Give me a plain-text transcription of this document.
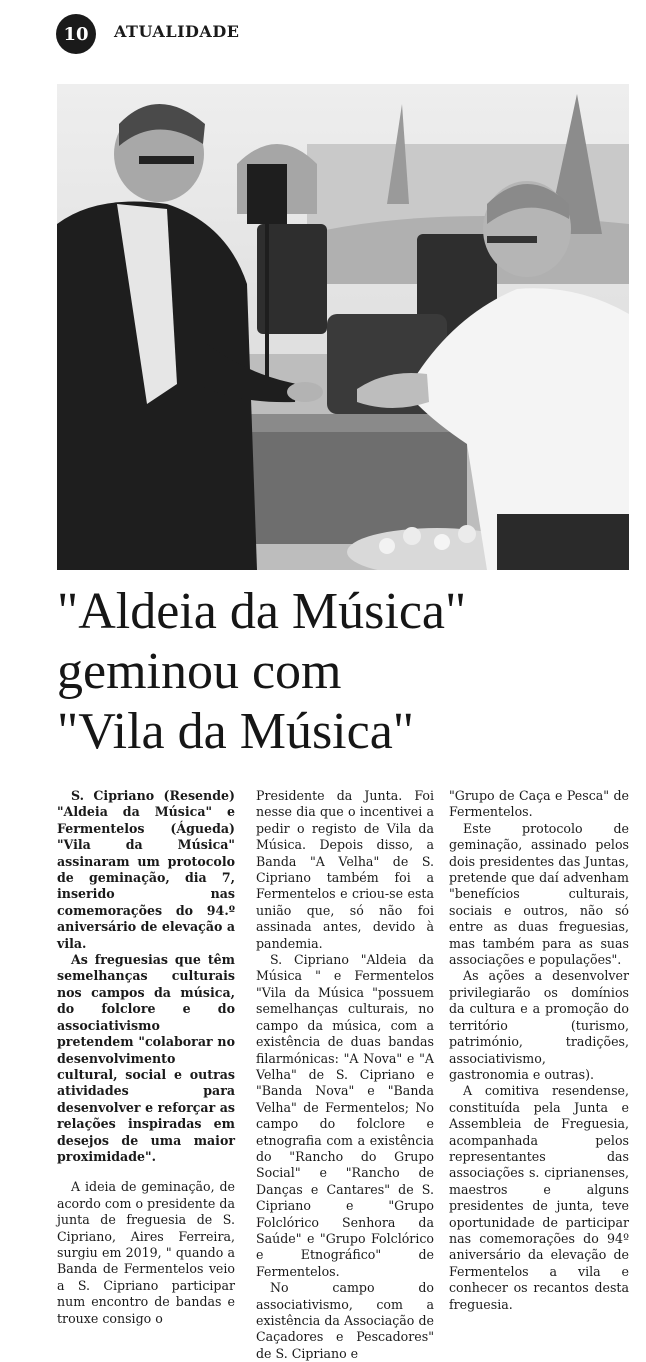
10	ATUALIDADE
"Aldeia da Música"
geminou com
"Vila da Música"

S. Cipriano (Resende) "Aldeia da Música" e Fermentelos (Águeda) "Vila da Música" assinaram um protocolo de geminação, dia 7, inserido nas comemorações do 94.º aniversário de elevação a vila.

As freguesias que têm semelhanças culturais nos campos da música, do folclore e do associativismo pretendem "colaborar no desenvolvimento cultural, social e outras atividades para desenvolver e reforçar as relações inspiradas em desejos de uma maior proximidade".

A ideia de geminação, de acordo com o presidente da junta de freguesia de S. Cipriano, Aires Ferreira, surgiu em 2019, " quando a Banda de Fermentelos veio a S. Cipriano participar num encontro de bandas e trouxe consigo o

Presidente da Junta. Foi nesse dia que o incentivei a pedir o registo de Vila da Música. Depois disso, a Banda "A Velha" de S. Cipriano também foi a Fermentelos e criou-se esta união que, só não foi assinada antes, devido à pandemia.

S. Cipriano "Aldeia da Música " e Fermentelos "Vila da Música "possuem semelhanças culturais, no campo da música, com a existência de duas bandas filarmónicas: "A Nova" e "A Velha" de S. Cipriano e "Banda Nova" e "Banda Velha" de Fermentelos; No campo do folclore e etnografia com a existência do "Rancho do Grupo Social" e "Rancho de Danças e Cantares" de S. Cipriano e "Grupo Folclórico Senhora da Saúde" e "Grupo Folclórico e Etnográfico" de Fermentelos.

No campo do associativismo, com a existência da Associação de Caçadores e Pescadores" de S. Cipriano e

"Grupo de Caça e Pesca" de Fermentelos.

Este protocolo de geminação, assinado pelos dois presidentes das Juntas, pretende que daí advenham "benefícios culturais, sociais e outros, não só entre as duas freguesias, mas também para as suas associações e populações".

As ações a desenvolver privilegiarão os domínios da cultura e a promoção do território (turismo, património, tradições, associativismo, gastronomia e outras).

A comitiva resendense, constituída pela Junta e Assembleia de Freguesia, acompanhada pelos representantes das associações s. ciprianenses, maestros e alguns presidentes de junta, teve oportunidade de participar nas comemorações do 94º aniversário da elevação de Fermentelos a vila e conhecer os recantos desta freguesia.
